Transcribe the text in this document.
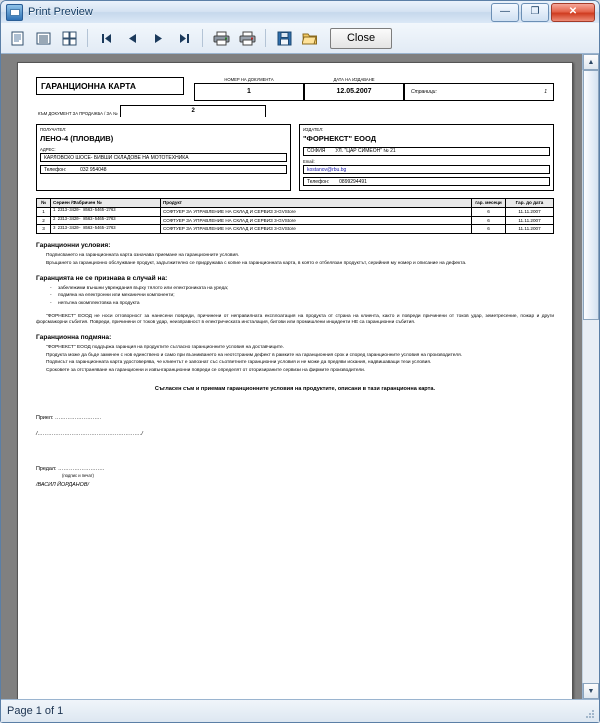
Print Preview	—	❐	✕
Close
ГАРАНЦИОННА КАРТА
НОМЕР НА ДОКУМЕНТА
1
ДАТА НА ИЗДАВАНЕ
12.05.2007	Страници:	1
КЪМ ДОКУМЕНТ ЗА ПРОДАЖБА / ЗА №	2
ПОЛУЧАТЕЛ:
ЛЕНО-4 (ПЛОВДИВ)
АДРЕС:
КАРЛОВСКО ШОСЕ- БИВШИ СКЛАДОВЕ НА МОТОТЕХНИКА
Телефон:	032 954048
ИЗДАТЕЛ:
"ФОРНЕКСТ" ЕООД
СОФИЯ УЛ. "ЦАР СИМЕОН" № 21
Email:
kostanov@rbu.bg
Телефон: 0899294491
№	Сериен /Фабричен №	Продукт	гар. месеци	Гар. до дата
1	1 2313-3420- 8563-5465-2763	СОФТУЕР ЗА УПРАВЛЕНИЕ НА СКЛАД И СЕРВИЗ 3-GVStore	6	11.11.2007
2	2 2313-3420- 8563-5465-2763	СОФТУЕР ЗА УПРАВЛЕНИЕ НА СКЛАД И СЕРВИЗ 3-GVStore	6	11.11.2007
3	3 2313-3420- 8563-5465-2763	СОФТУЕР ЗА УПРАВЛЕНИЕ НА СКЛАД И СЕРВИЗ 3-GVStore	6	11.11.2007
Гаранционни условия:
Подписването на гаранционната карта означава приемане на гаранционните условия.
Връщането за гаранционно обслужване продукт, задължително се придружава с копие на гаранционната карта, в която е отбелязан продуктът, серийния му номер и описание на дефекта.
Гаранцията не се признава в случай на:
- забележими външни увреждания върху тялото или електрониката на уреда;
- подмяна на електронни или механични компоненти;
- непълна окомплектовка на продукта
"ФОРНЕКСТ" ЕООД не носи отговорност за нанесени повреди, причинени от неправилната експлоатация на продукта от страна на клиента, както и повреди причинени от токов удар, земетресение, пожар и други форсмажорни събития. Повреди, причинени от токов удар, неизправност в електрическата инсталация, битови или промишлени инциденти НЕ са гаранционни събития.
Гаранционна подмяна:
"ФОРНЕКСТ" ЕООД поддържа гаранция на продуктите съгласно гаранционните условия на доставчиците.
Продукта може да бъде заменен с нов единствено и само при възникването на неотстраним дефект в рамките на гаранционния срок и според гаранционните условия на производителя.
Подписът на гаранционната карта удостоверява, че клиентът е запознат със съответните гаранционни условия и не може да предяви искания, надвишаващи тези условия.
Сроковете за отстраняване на гаранционни и извънгаранционни повреди се определят от оторизираните сервизи на фирмите производители.
Съгласен съм и приемам гаранционните условия на продуктите, описани в тази гаранционна карта.
Приел: ……………………..
/…………………………………………………./
Предал: ……………………..
(подпис и печат)
/ВАСИЛ ЙОРДАНОВ/
▲
▼
Page 1 of 1
